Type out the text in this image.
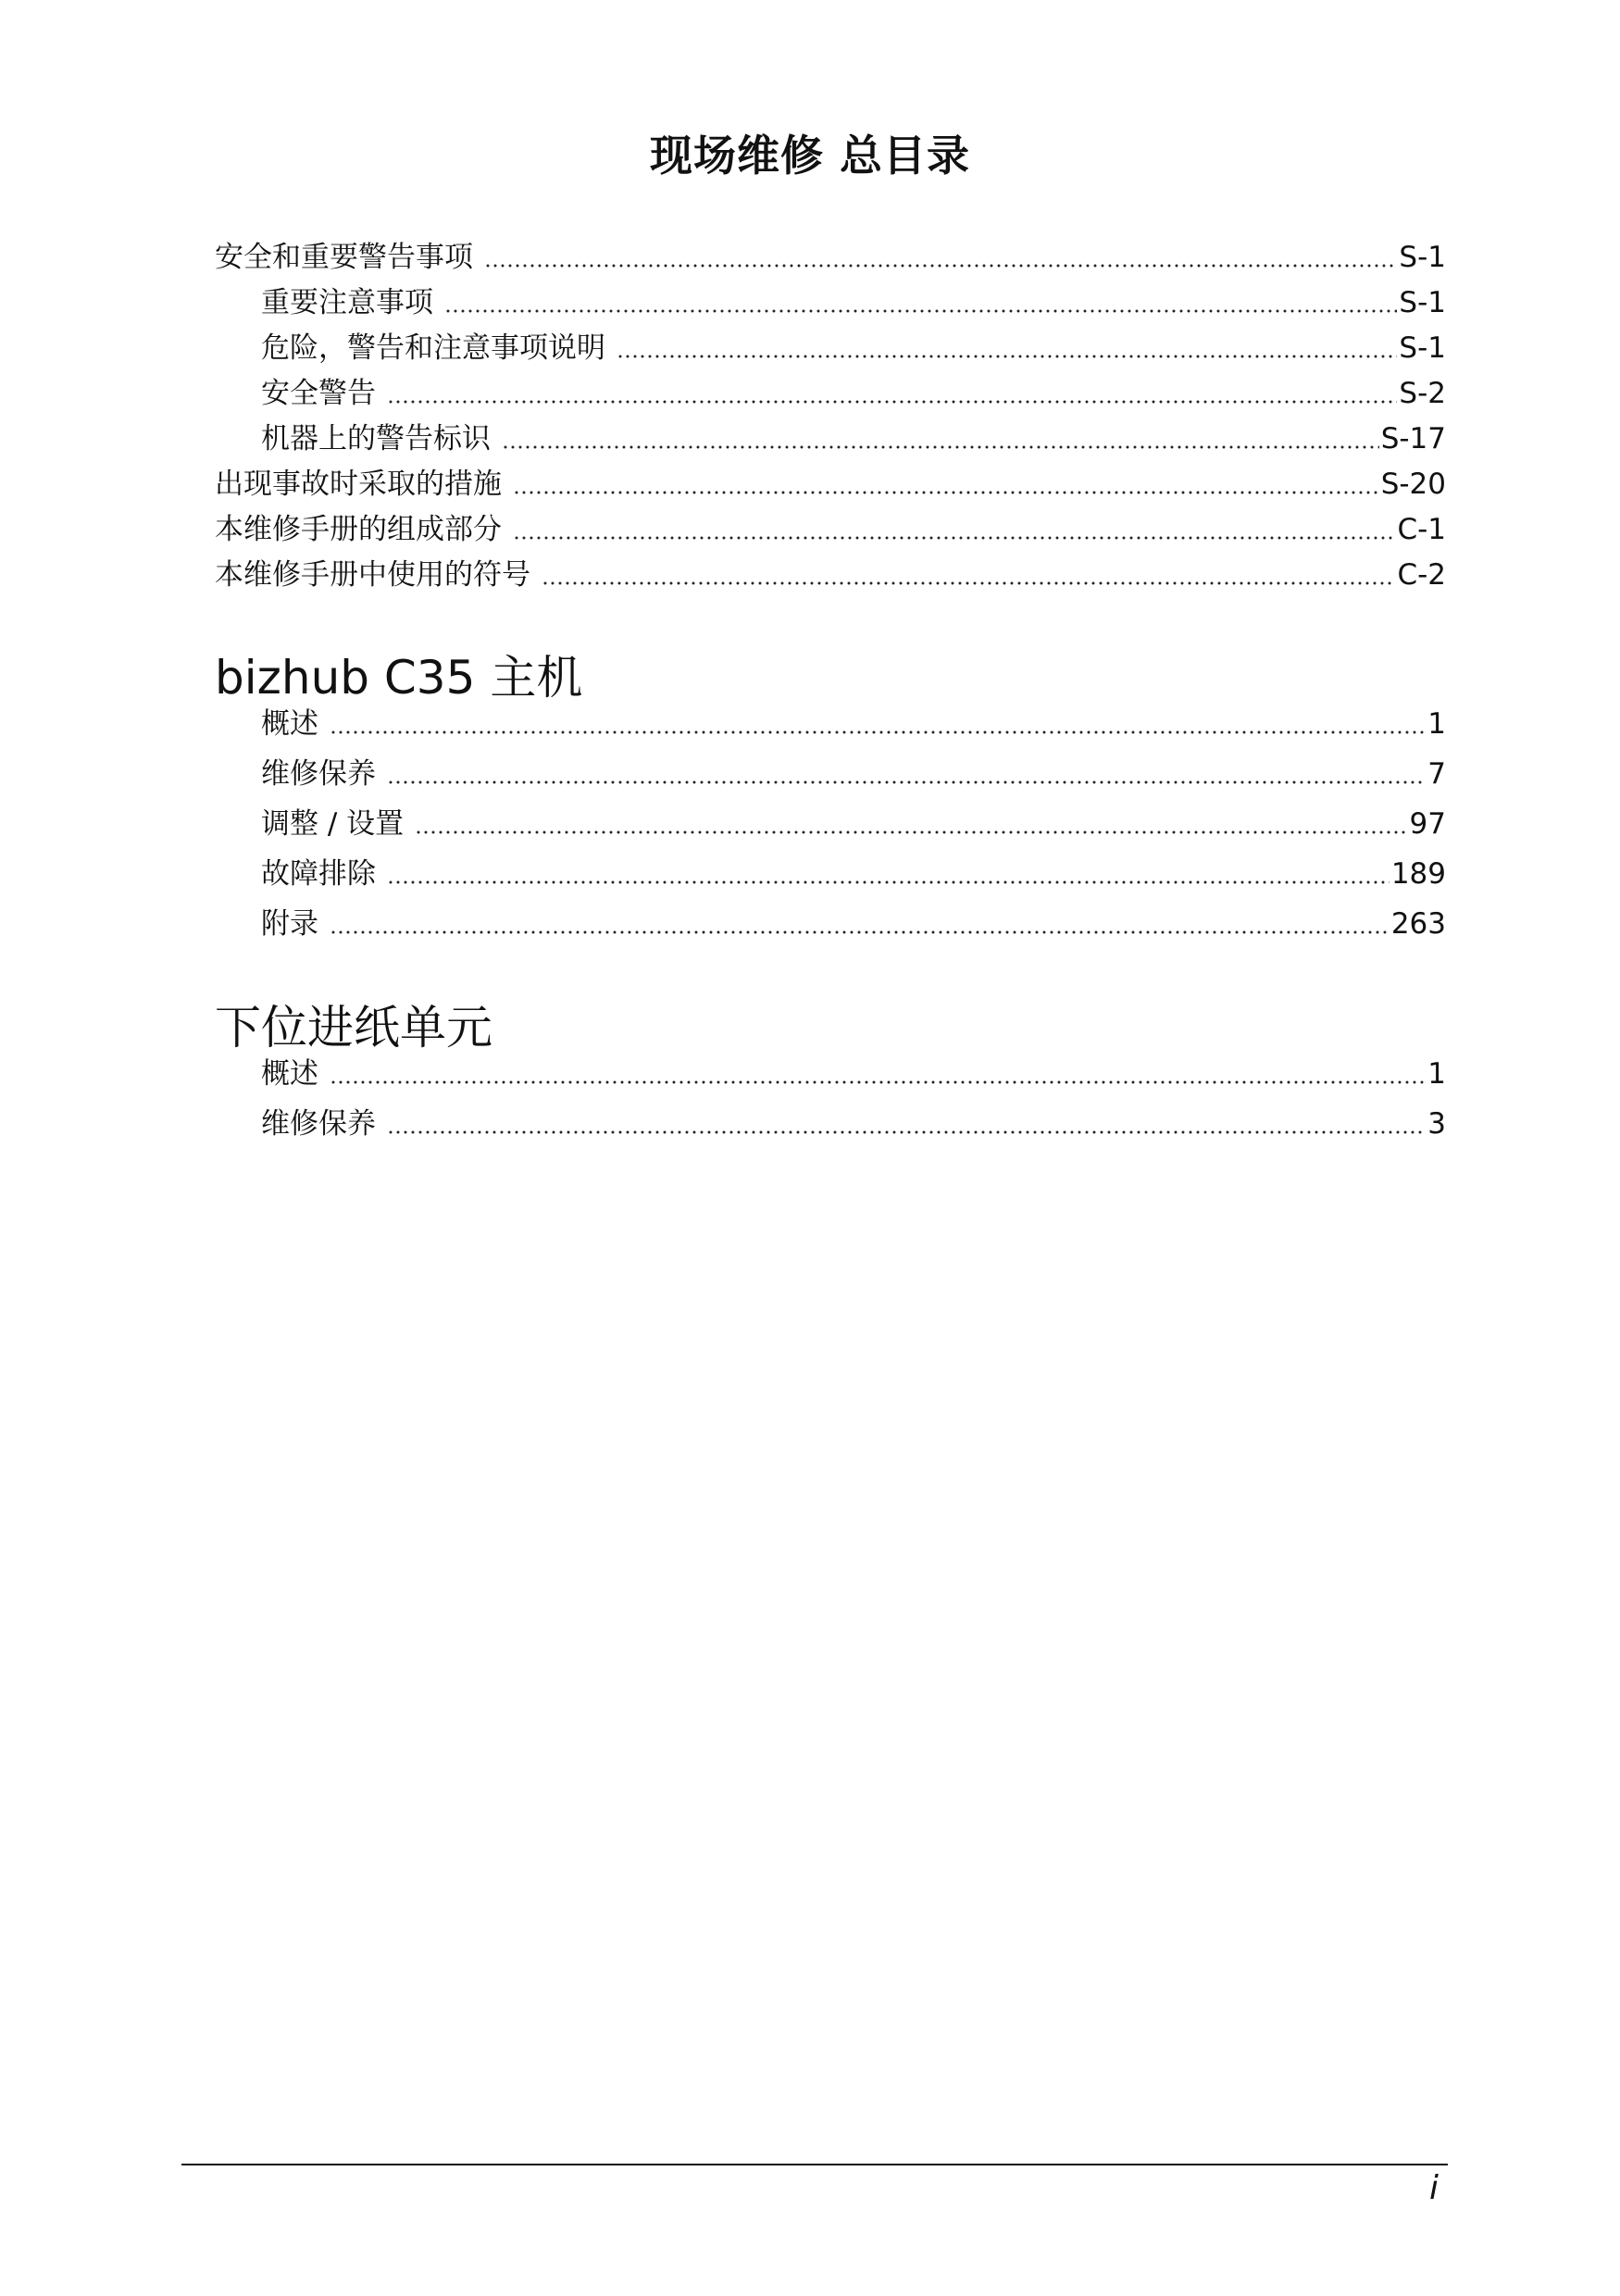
现场维修 总目录
安全和重要警告事项	S-1
重要注意事项	S-1
危险，警告和注意事项说明	S-1
安全警告	S-2
机器上的警告标识	S-17
出现事故时采取的措施	S-20
本维修手册的组成部分	C-1
本维修手册中使用的符号	C-2
bizhub C35 主机
概述	1
维修保养	7
调整 / 设置	97
故障排除	189
附录	263
下位进纸单元
概述	1
维修保养	3
i
